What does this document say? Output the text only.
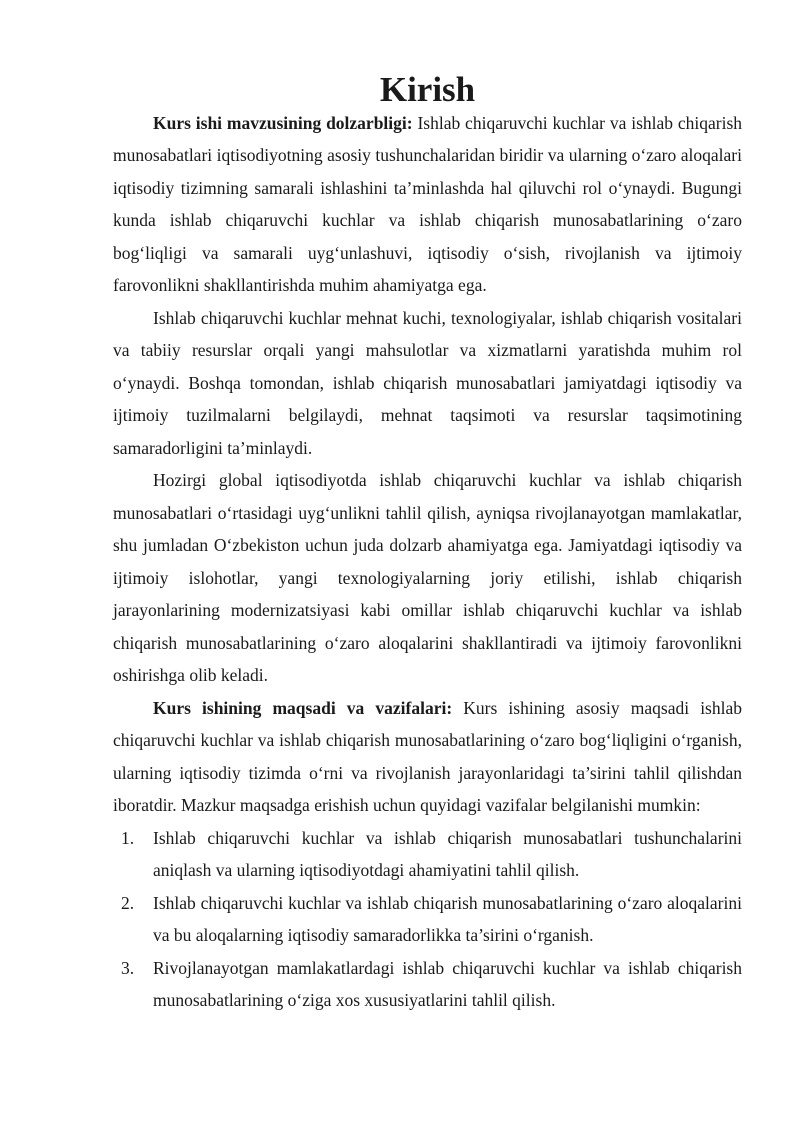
Kirish

Kurs ishi mavzusining dolzarbligi: Ishlab chiqaruvchi kuchlar va ishlab chiqarish munosabatlari iqtisodiyotning asosiy tushunchalaridan biridir va ularning o‘zaro aloqalari iqtisodiy tizimning samarali ishlashini ta’minlashda hal qiluvchi rol o‘ynaydi. Bugungi kunda ishlab chiqaruvchi kuchlar va ishlab chiqarish munosabatlarining o‘zaro bog‘liqligi va samarali uyg‘unlashuvi, iqtisodiy o‘sish, rivojlanish va ijtimoiy farovonlikni shakllantirishda muhim ahamiyatga ega.

Ishlab chiqaruvchi kuchlar mehnat kuchi, texnologiyalar, ishlab chiqarish vositalari va tabiiy resurslar orqali yangi mahsulotlar va xizmatlarni yaratishda muhim rol o‘ynaydi. Boshqa tomondan, ishlab chiqarish munosabatlari jamiyatdagi iqtisodiy va ijtimoiy tuzilmalarni belgilaydi, mehnat taqsimoti va resurslar taqsimotining samaradorligini ta’minlaydi.

Hozirgi global iqtisodiyotda ishlab chiqaruvchi kuchlar va ishlab chiqarish munosabatlari o‘rtasidagi uyg‘unlikni tahlil qilish, ayniqsa rivojlanayotgan mamlakatlar, shu jumladan O‘zbekiston uchun juda dolzarb ahamiyatga ega. Jamiyatdagi iqtisodiy va ijtimoiy islohotlar, yangi texnologiyalarning joriy etilishi, ishlab chiqarish jarayonlarining modernizatsiyasi kabi omillar ishlab chiqaruvchi kuchlar va ishlab chiqarish munosabatlarining o‘zaro aloqalarini shakllantiradi va ijtimoiy farovonlikni oshirishga olib keladi.

Kurs ishining maqsadi va vazifalari: Kurs ishining asosiy maqsadi ishlab chiqaruvchi kuchlar va ishlab chiqarish munosabatlarining o‘zaro bog‘liqligini o‘rganish, ularning iqtisodiy tizimda o‘rni va rivojlanish jarayonlaridagi ta’sirini tahlil qilishdan iboratdir. Mazkur maqsadga erishish uchun quyidagi vazifalar belgilanishi mumkin:

1. Ishlab chiqaruvchi kuchlar va ishlab chiqarish munosabatlari tushunchalarini aniqlash va ularning iqtisodiyotdagi ahamiyatini tahlil qilish.
2. Ishlab chiqaruvchi kuchlar va ishlab chiqarish munosabatlarining o‘zaro aloqalarini va bu aloqalarning iqtisodiy samaradorlikka ta’sirini o‘rganish.
3. Rivojlanayotgan mamlakatlardagi ishlab chiqaruvchi kuchlar va ishlab chiqarish munosabatlarining o‘ziga xos xususiyatlarini tahlil qilish.
